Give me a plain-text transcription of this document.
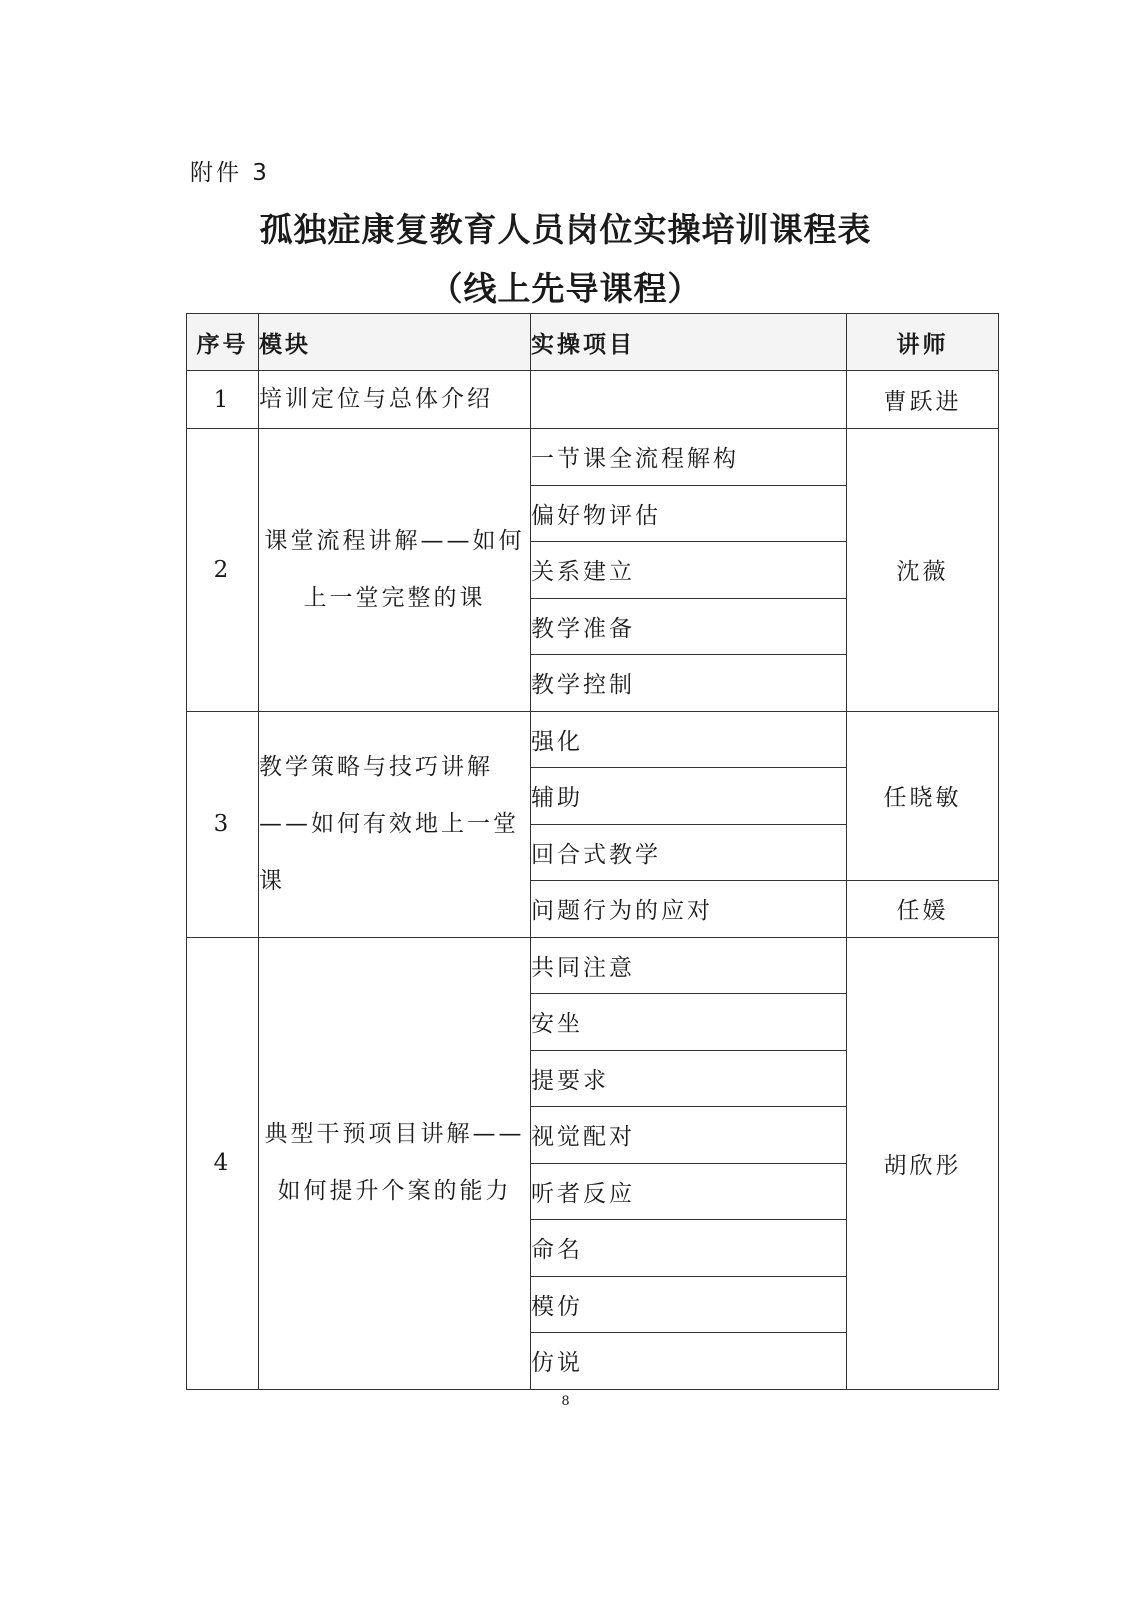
附件 3
孤独症康复教育人员岗位实操培训课程表
（线上先导课程）
序号	模块	实操项目	讲师
1	培训定位与总体介绍		曹跃进
2	课堂流程讲解——如何上一堂完整的课	一节课全流程解构	沈薇
		偏好物评估	
		关系建立	
		教学准备	
		教学控制	
3	教学策略与技巧讲解——如何有效地上一堂课	强化	任晓敏
		辅助	
		回合式教学	
		问题行为的应对	任媛
4	典型干预项目讲解——如何提升个案的能力	共同注意	胡欣彤
		安坐	
		提要求	
		视觉配对	
		听者反应	
		命名	
		模仿	
		仿说	
8
